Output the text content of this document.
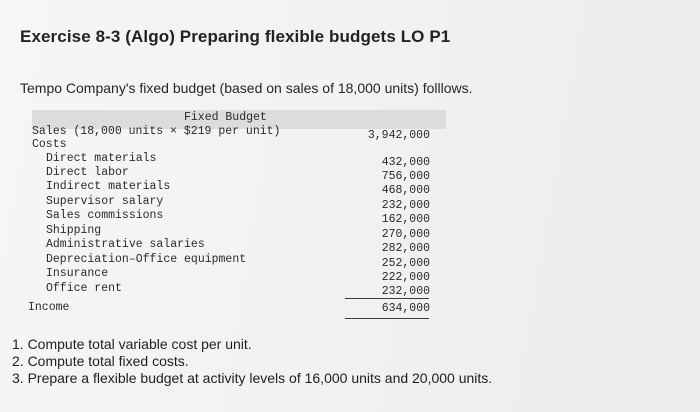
Exercise 8-3 (Algo) Preparing flexible budgets LO P1
Tempo Company's fixed budget (based on sales of 18,000 units) folllows.
Fixed Budget
Sales (18,000 units × $219 per unit)	3,942,000
Costs
Direct materials	432,000
Direct labor	756,000
Indirect materials	468,000
Supervisor salary	232,000
Sales commissions	162,000
Shipping	270,000
Administrative salaries	282,000
Depreciation–Office equipment	252,000
Insurance	222,000
Office rent	232,000
Income	634,000
1. Compute total variable cost per unit.
2. Compute total fixed costs.
3. Prepare a flexible budget at activity levels of 16,000 units and 20,000 units.
